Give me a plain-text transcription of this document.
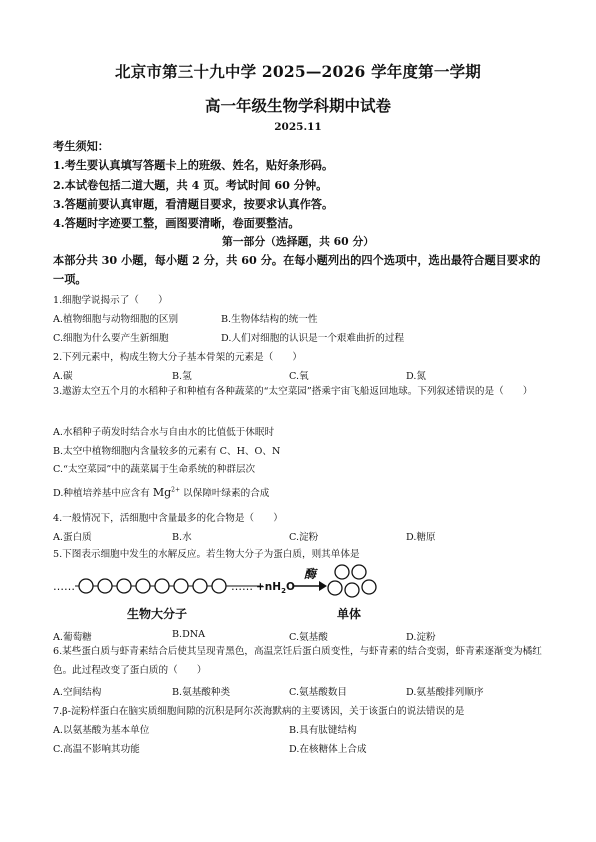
北京市第三十九中学 2025—2026 学年度第一学期
高一年级生物学科期中试卷
2025.11
考生须知：
1.考生要认真填写答题卡上的班级、姓名，贴好条形码。
2.本试卷包括二道大题，共 4 页。考试时间 60 分钟。
3.答题前要认真审题，看清题目要求，按要求认真作答。
4.答题时字迹要工整，画图要清晰，卷面要整洁。
第一部分（选择题，共 60 分）
本部分共 30 小题，每小题 2 分，共 60 分。在每小题列出的四个选项中，选出最符合题目要求的一项。
1.细胞学说揭示了（　　）
A.植物细胞与动物细胞的区别	B.生物体结构的统一性
C.细胞为什么要产生新细胞	D.人们对细胞的认识是一个艰难曲折的过程
2.下列元素中，构成生物大分子基本骨架的元素是（　　）
A.碳	B.氢	C.氧	D.氮
3.遨游太空五个月的水稻种子和种植有各种蔬菜的“太空菜园”搭乘宇宙飞船返回地球。下列叙述错误的是（　　）
A.水稻种子萌发时结合水与自由水的比值低于休眠时
B.太空中植物细胞内含量较多的元素有 C、H、O、N
C.“太空菜园”中的蔬菜属于生命系统的种群层次
D.种植培养基中应含有 $Mg^{2+}$ 以保障叶绿素的合成
4.一般情况下，活细胞中含量最多的化合物是（　　）
A.蛋白质	B.水	C.淀粉	D.糖原
5.下图表示细胞中发生的水解反应。若生物大分子为蛋白质，则其单体是
……	…… $+nH_2O$
酶
生物大分子	单体
A.葡萄糖	B.DNA	C.氨基酸	D.淀粉
6.某些蛋白质与虾青素结合后使其呈现青黑色，高温烹饪后蛋白质变性，与虾青素的结合变弱，虾青素逐渐变为橘红色。此过程改变了蛋白质的（　　）
A.空间结构	B.氨基酸种类	C.氨基酸数目	D.氨基酸排列顺序
7.β-淀粉样蛋白在脑实质细胞间隙的沉积是阿尔茨海默病的主要诱因，关于该蛋白的说法错误的是
A.以氨基酸为基本单位	B.具有肽键结构
C.高温不影响其功能	D.在核糖体上合成
